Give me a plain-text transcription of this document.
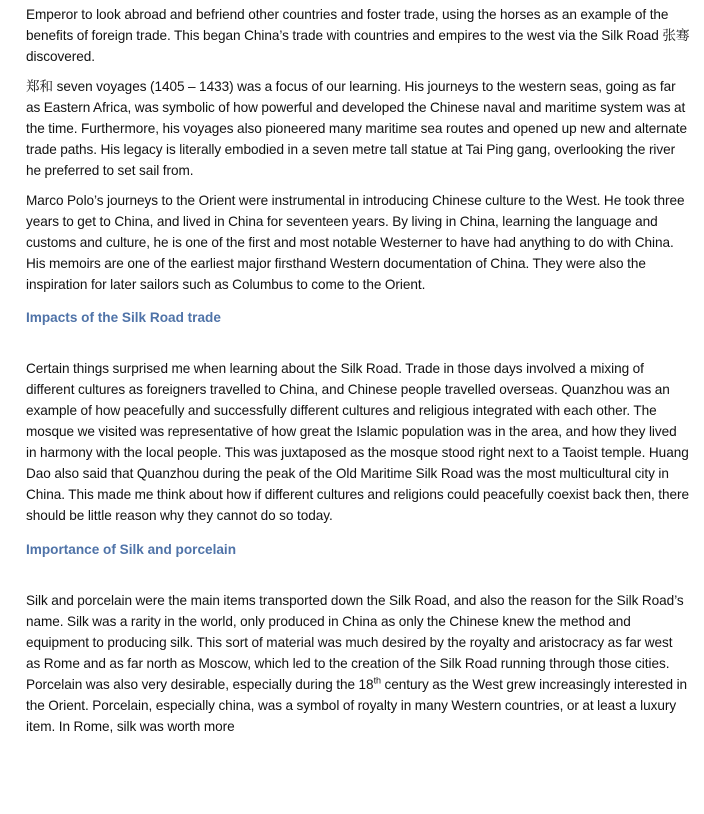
Emperor to look abroad and befriend other countries and foster trade, using the horses as an example of the benefits of foreign trade. This began China’s trade with countries and empires to the west via the Silk Road 张骞 discovered.

郑和 seven voyages (1405 – 1433) was a focus of our learning. His journeys to the western seas, going as far as Eastern Africa, was symbolic of how powerful and developed the Chinese naval and maritime system was at the time. Furthermore, his voyages also pioneered many maritime sea routes and opened up new and alternate trade paths. His legacy is literally embodied in a seven metre tall statue at Tai Ping gang, overlooking the river he preferred to set sail from.

Marco Polo’s journeys to the Orient were instrumental in introducing Chinese culture to the West. He took three years to get to China, and lived in China for seventeen years. By living in China, learning the language and customs and culture, he is one of the first and most notable Westerner to have had anything to do with China. His memoirs are one of the earliest major firsthand Western documentation of China. They were also the inspiration for later sailors such as Columbus to come to the Orient.

Impacts of the Silk Road trade

Certain things surprised me when learning about the Silk Road. Trade in those days involved a mixing of different cultures as foreigners travelled to China, and Chinese people travelled overseas. Quanzhou was an example of how peacefully and successfully different cultures and religious integrated with each other. The mosque we visited was representative of how great the Islamic population was in the area, and how they lived in harmony with the local people. This was juxtaposed as the mosque stood right next to a Taoist temple. Huang Dao also said that Quanzhou during the peak of the Old Maritime Silk Road was the most multicultural city in China. This made me think about how if different cultures and religions could peacefully coexist back then, there should be little reason why they cannot do so today.

Importance of Silk and porcelain

Silk and porcelain were the main items transported down the Silk Road, and also the reason for the Silk Road’s name. Silk was a rarity in the world, only produced in China as only the Chinese knew the method and equipment to producing silk. This sort of material was much desired by the royalty and aristocracy as far west as Rome and as far north as Moscow, which led to the creation of the Silk Road running through those cities. Porcelain was also very desirable, especially during the 18th century as the West grew increasingly interested in the Orient. Porcelain, especially china, was a symbol of royalty in many Western countries, or at least a luxury item. In Rome, silk was worth more
